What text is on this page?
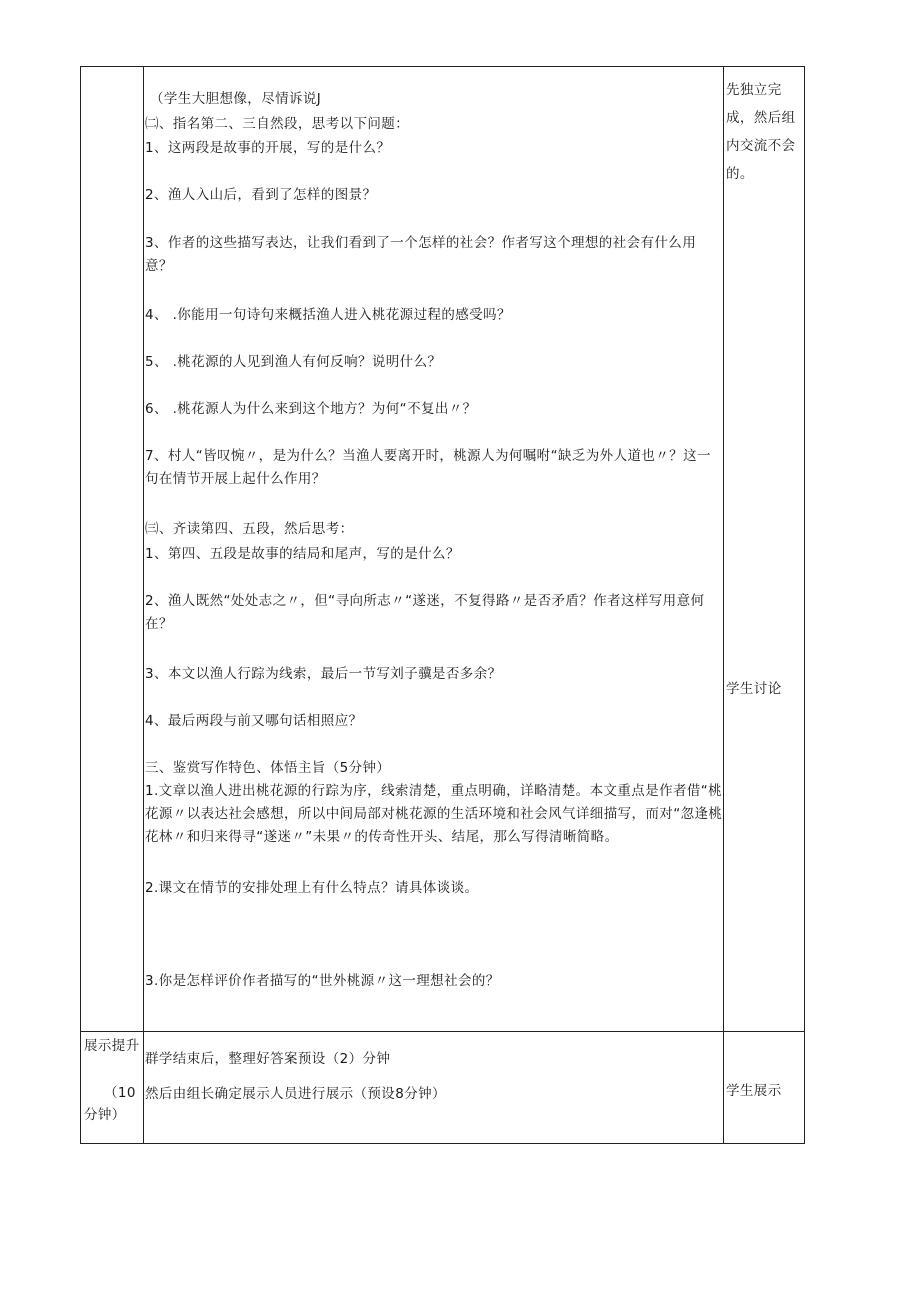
（学生大胆想像，尽情诉说J
㈡、指名第二、三自然段，思考以下问题：
1、这两段是故事的开展，写的是什么？
2、渔人入山后，看到了怎样的图景？
3、作者的这些描写表达，让我们看到了一个怎样的社会？作者写这个理想的社会有什么用意？
4、 .你能用一句诗句来概括渔人进入桃花源过程的感受吗？
5、 .桃花源的人见到渔人有何反响？说明什么？
6、 .桃花源人为什么来到这个地方？为何“不复出〃？
7、村人“皆叹惋〃，是为什么？当渔人要离开时，桃源人为何嘱咐“缺乏为外人道也〃？这一句在情节开展上起什么作用？
㈢、齐读第四、五段，然后思考：
1、第四、五段是故事的结局和尾声，写的是什么？
2、渔人既然“处处志之〃，但“寻向所志〃“遂迷，不复得路〃是否矛盾？作者这样写用意何在？
3、本文以渔人行踪为线索，最后一节写刘子骥是否多余？
4、最后两段与前又哪句话相照应？
三、鉴赏写作特色、体悟主旨（5分钟）
1.文章以渔人进出桃花源的行踪为序，线索清楚，重点明确，详略清楚。本文重点是作者借“桃花源〃以表达社会感想，所以中间局部对桃花源的生活环境和社会风气详细描写，而对“忽逢桃花林〃和归来得寻“遂迷〃”未果〃的传奇性开头、结尾，那么写得清晰简略。
2.课文在情节的安排处理上有什么特点？请具体谈谈。
3.你是怎样评价作者描写的“世外桃源〃这一理想社会的？
先独立完成，然后组内交流不会的。
学生讨论
学生展示
展示提升
（10分钟）
群学结束后，整理好答案预设（2）分钟
然后由组长确定展示人员进行展示（预设8分钟）
